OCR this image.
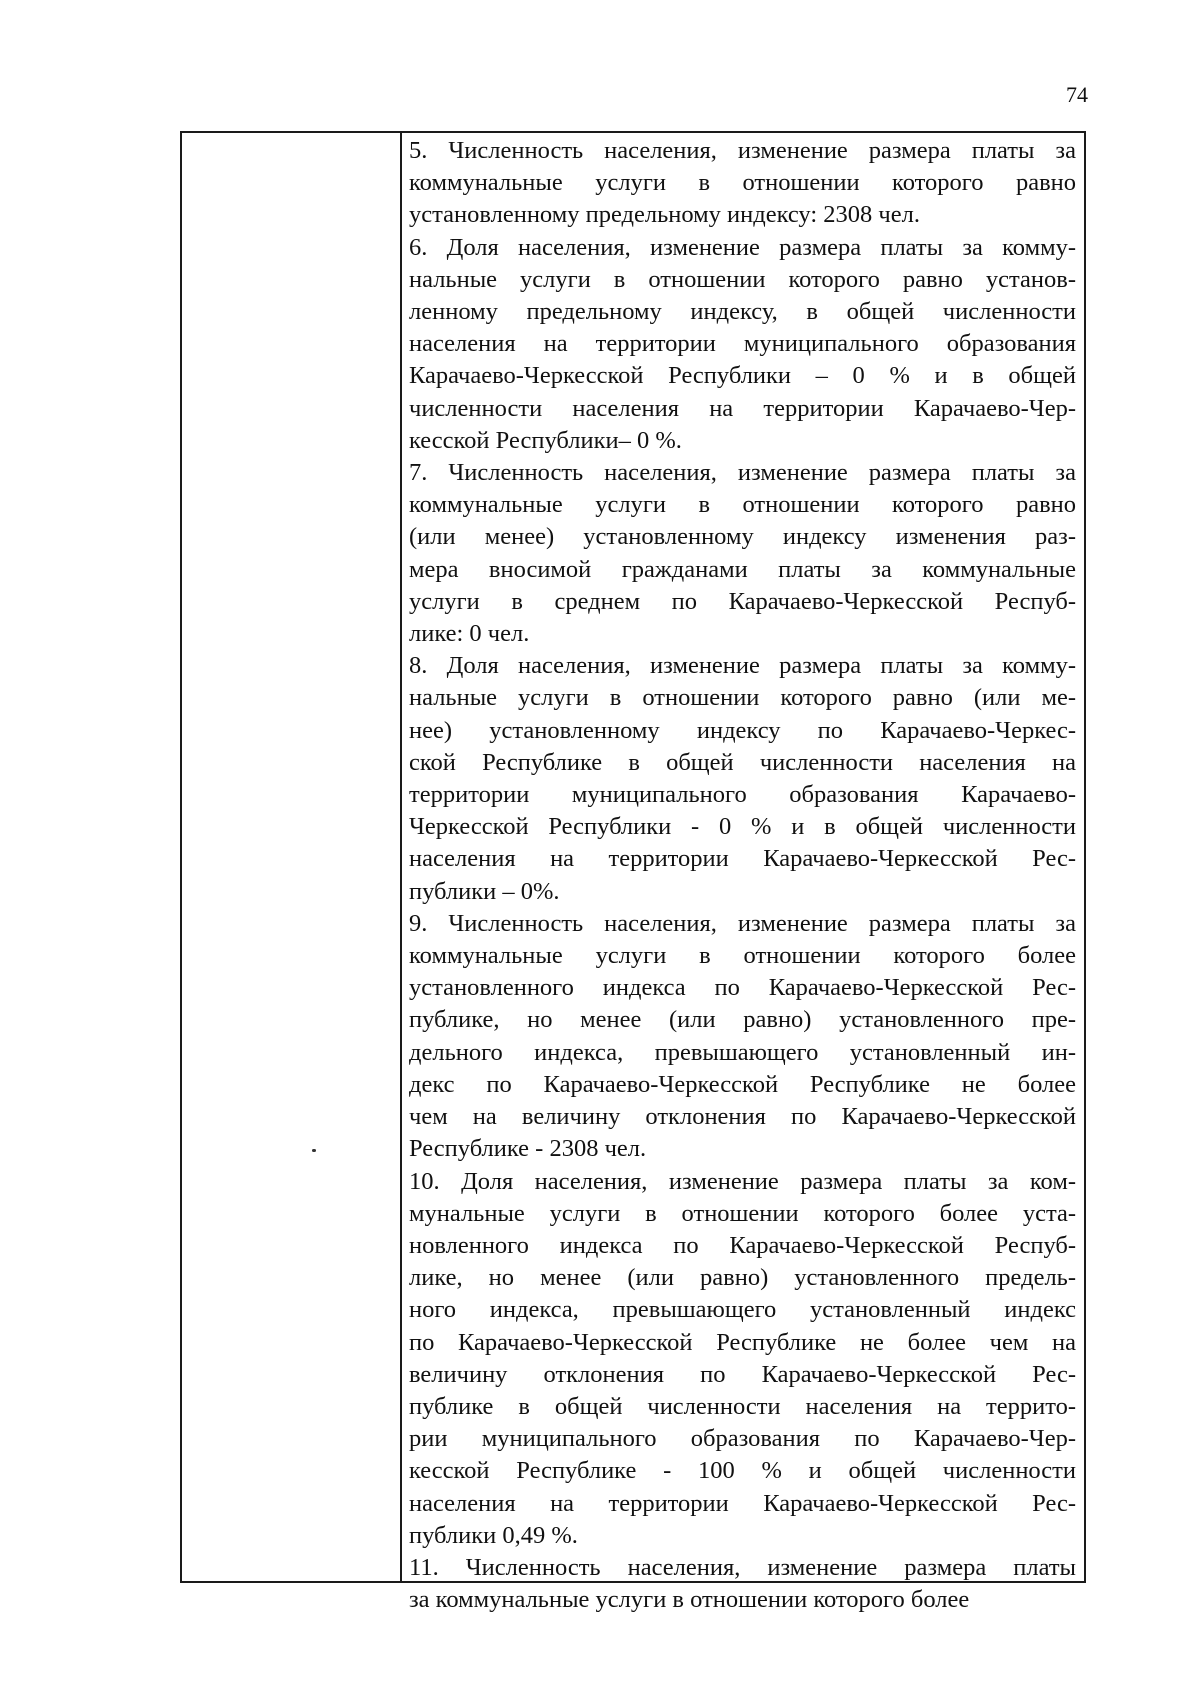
74
5. Численность населения, изменение размера платы за
коммунальные услуги в отношении которого равно
установленному предельному индексу: 2308 чел.
6. Доля населения, изменение размера платы за комму-
нальные услуги в отношении которого равно установ-
ленному предельному индексу, в общей численности
населения на территории муниципального образования
Карачаево-Черкесской Республики – 0 % и в общей
численности населения на территории Карачаево-Чер-
кесской Республики– 0 %.
7. Численность населения, изменение размера платы за
коммунальные услуги в отношении которого равно
(или менее) установленному индексу изменения раз-
мера вносимой гражданами платы за коммунальные
услуги в среднем по Карачаево-Черкесской Респуб-
лике: 0 чел.
8. Доля населения, изменение размера платы за комму-
нальные услуги в отношении которого равно (или ме-
нее) установленному индексу по Карачаево-Черкес-
ской Республике в общей численности населения на
территории муниципального образования Карачаево-
Черкесской Республики - 0 % и в общей численности
населения на территории Карачаево-Черкесской Рес-
публики – 0%.
9. Численность населения, изменение размера платы за
коммунальные услуги в отношении которого более
установленного индекса по Карачаево-Черкесской Рес-
публике, но менее (или равно) установленного пре-
дельного индекса, превышающего установленный ин-
декс по Карачаево-Черкесской Республике не более
чем на величину отклонения по Карачаево-Черкесской
Республике - 2308 чел.
10. Доля населения, изменение размера платы за ком-
мунальные услуги в отношении которого более уста-
новленного индекса по Карачаево-Черкесской Респуб-
лике, но менее (или равно) установленного предель-
ного индекса, превышающего установленный индекс
по Карачаево-Черкесской Республике не более чем на
величину отклонения по Карачаево-Черкесской Рес-
публике в общей численности населения на террито-
рии муниципального образования по Карачаево-Чер-
кесской Республике - 100 % и общей численности
населения на территории Карачаево-Черкесской Рес-
публики 0,49 %.
11. Численность населения, изменение размера платы
за коммунальные услуги в отношении которого более
